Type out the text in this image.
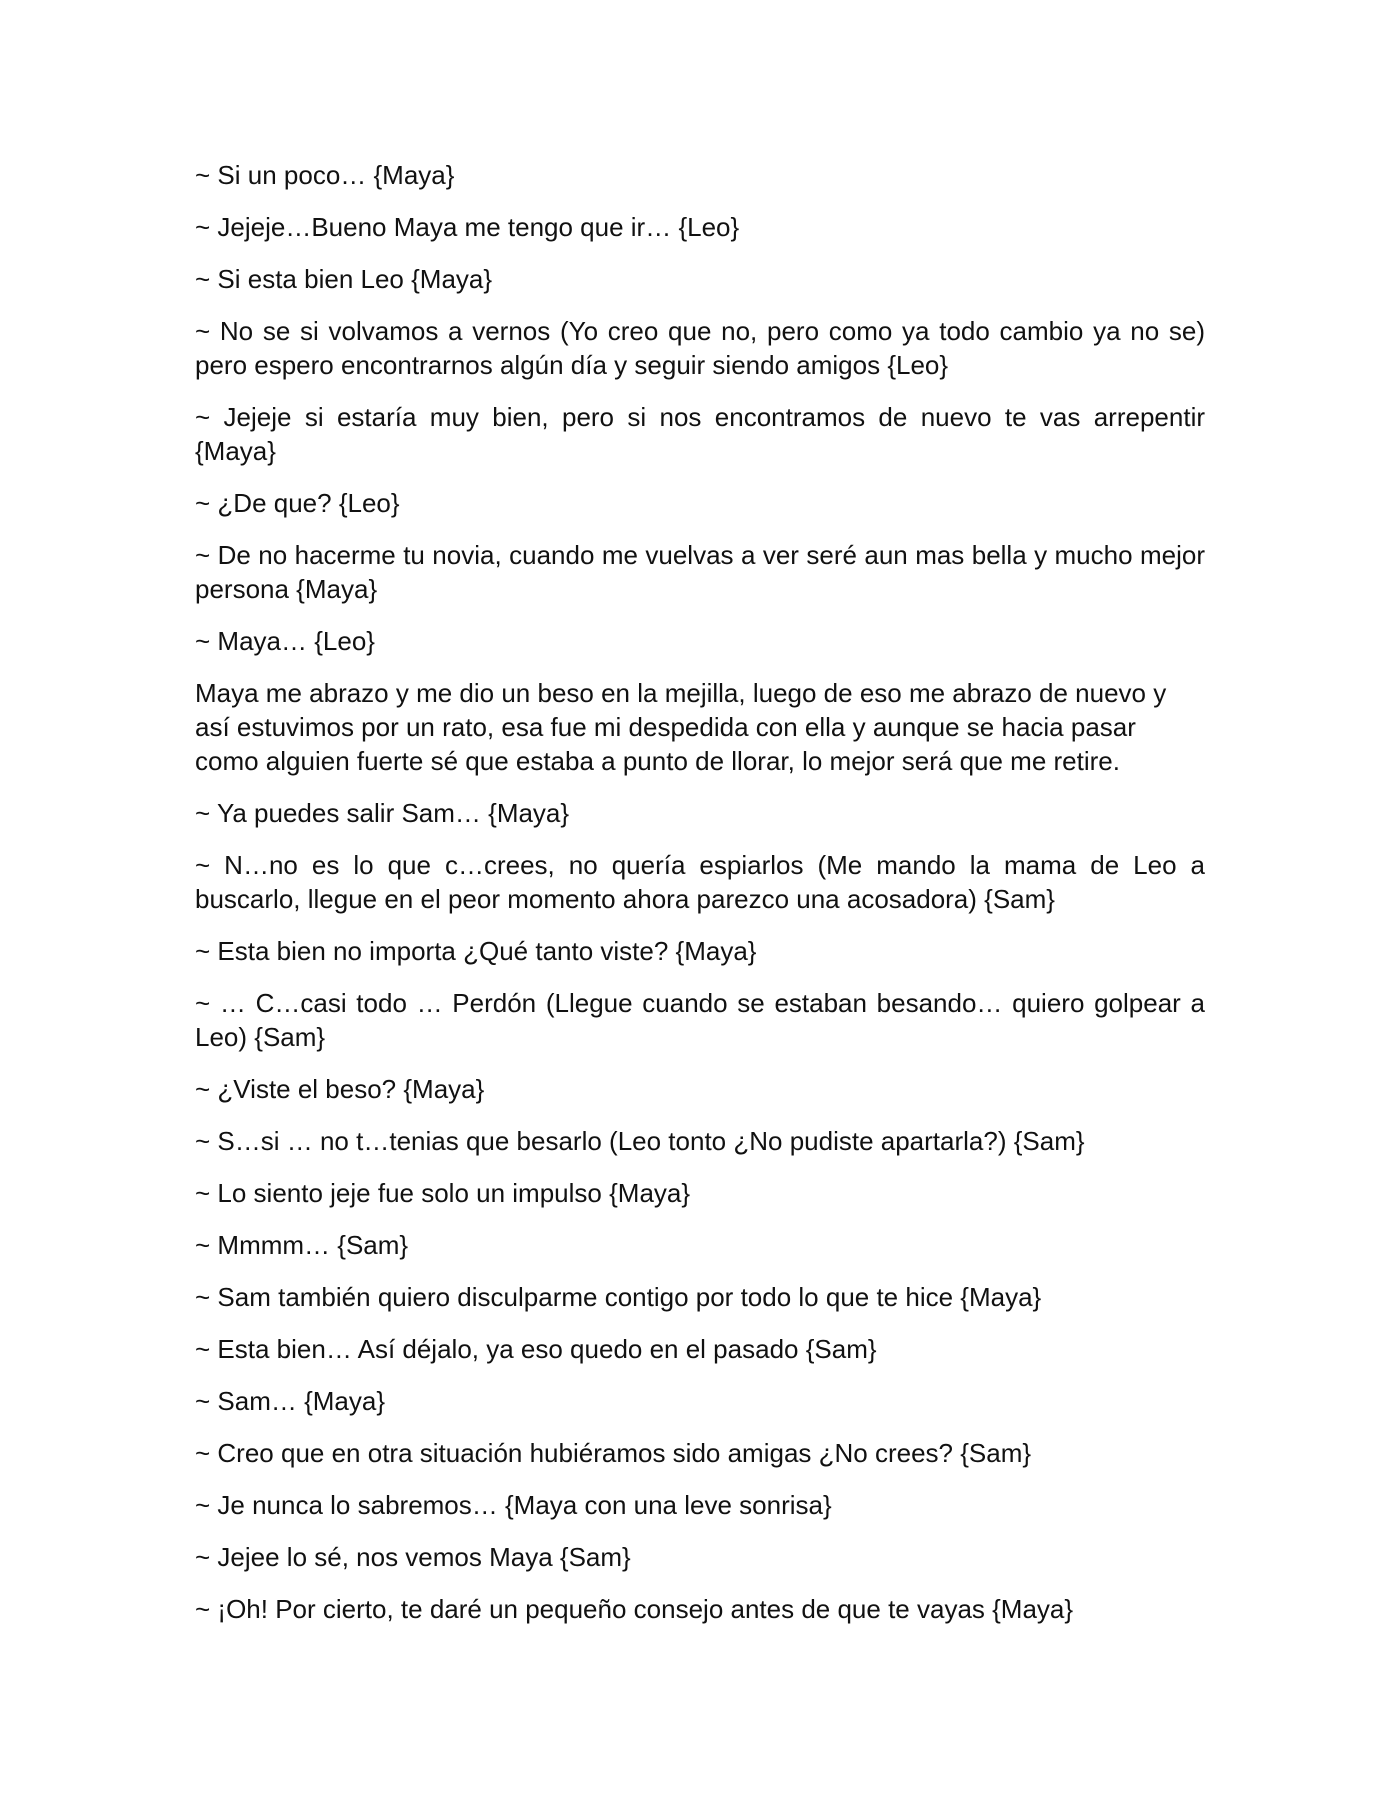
~ Si un poco… {Maya}

~ Jejeje…Bueno Maya me tengo que ir… {Leo}

~ Si esta bien Leo {Maya}

~ No se si volvamos a vernos (Yo creo que no, pero como ya todo cambio ya no se) pero espero encontrarnos algún día y seguir siendo amigos {Leo}

~ Jejeje si estaría muy bien, pero si nos encontramos de nuevo te vas arrepentir {Maya}

~ ¿De que? {Leo}

~ De no hacerme tu novia, cuando me vuelvas a ver seré aun mas bella y mucho mejor persona {Maya}

~ Maya… {Leo}

Maya me abrazo y me dio un beso en la mejilla, luego de eso me abrazo de nuevo y así estuvimos por un rato, esa fue mi despedida con ella y aunque se hacia pasar como alguien fuerte sé que estaba a punto de llorar, lo mejor será que me retire.

~ Ya puedes salir Sam… {Maya}

~ N…no es lo que c…crees, no quería espiarlos (Me mando la mama de Leo a buscarlo, llegue en el peor momento ahora parezco una acosadora) {Sam}

~ Esta bien no importa ¿Qué tanto viste? {Maya}

~ … C…casi todo … Perdón (Llegue cuando se estaban besando… quiero golpear a Leo) {Sam}

~ ¿Viste el beso? {Maya}

~ S…si … no t…tenias que besarlo (Leo tonto ¿No pudiste apartarla?) {Sam}

~ Lo siento jeje fue solo un impulso {Maya}

~ Mmmm… {Sam}

~ Sam también quiero disculparme contigo por todo lo que te hice {Maya}

~ Esta bien… Así déjalo, ya eso quedo en el pasado {Sam}

~ Sam… {Maya}

~ Creo que en otra situación hubiéramos sido amigas ¿No crees? {Sam}

~ Je nunca lo sabremos… {Maya con una leve sonrisa}

~ Jejee lo sé, nos vemos Maya {Sam}

~ ¡Oh! Por cierto, te daré un pequeño consejo antes de que te vayas {Maya}
